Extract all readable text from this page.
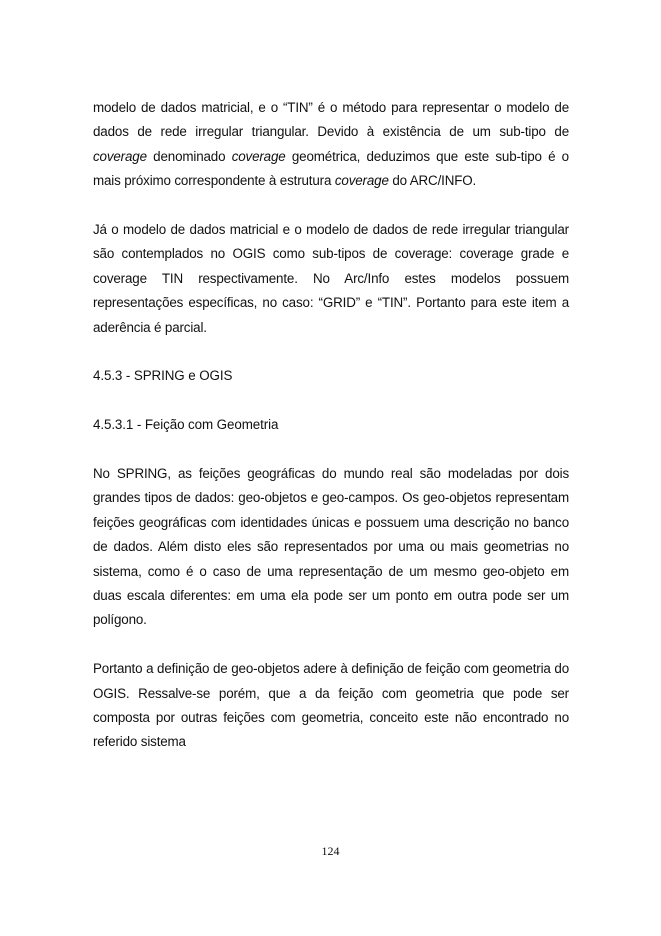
modelo de dados matricial, e o “TIN” é o método para representar o modelo de dados de rede irregular triangular. Devido à existência de um sub-tipo de coverage denominado coverage geométrica, deduzimos que este sub-tipo é o mais próximo correspondente à estrutura coverage do ARC/INFO.

Já o modelo de dados matricial e o modelo de dados de rede irregular triangular são contemplados no OGIS como sub-tipos de coverage: coverage grade e coverage TIN respectivamente. No Arc/Info estes modelos possuem representações específicas, no caso: “GRID” e “TIN”. Portanto para este item a aderência é parcial.

4.5.3 - SPRING e OGIS
4.5.3.1 - Feição com Geometria

No SPRING, as feições geográficas do mundo real são modeladas por dois grandes tipos de dados: geo-objetos e geo-campos. Os geo-objetos representam feições geográficas com identidades únicas e possuem uma descrição no banco de dados. Além disto eles são representados por uma ou mais geometrias no sistema, como é o caso de uma representação de um mesmo geo-objeto em duas escala diferentes: em uma ela pode ser um ponto em outra pode ser um polígono.

Portanto a definição de geo-objetos adere à definição de feição com geometria do OGIS. Ressalve-se porém, que a da feição com geometria que pode ser composta por outras feições com geometria, conceito este não encontrado no referido sistema

124
